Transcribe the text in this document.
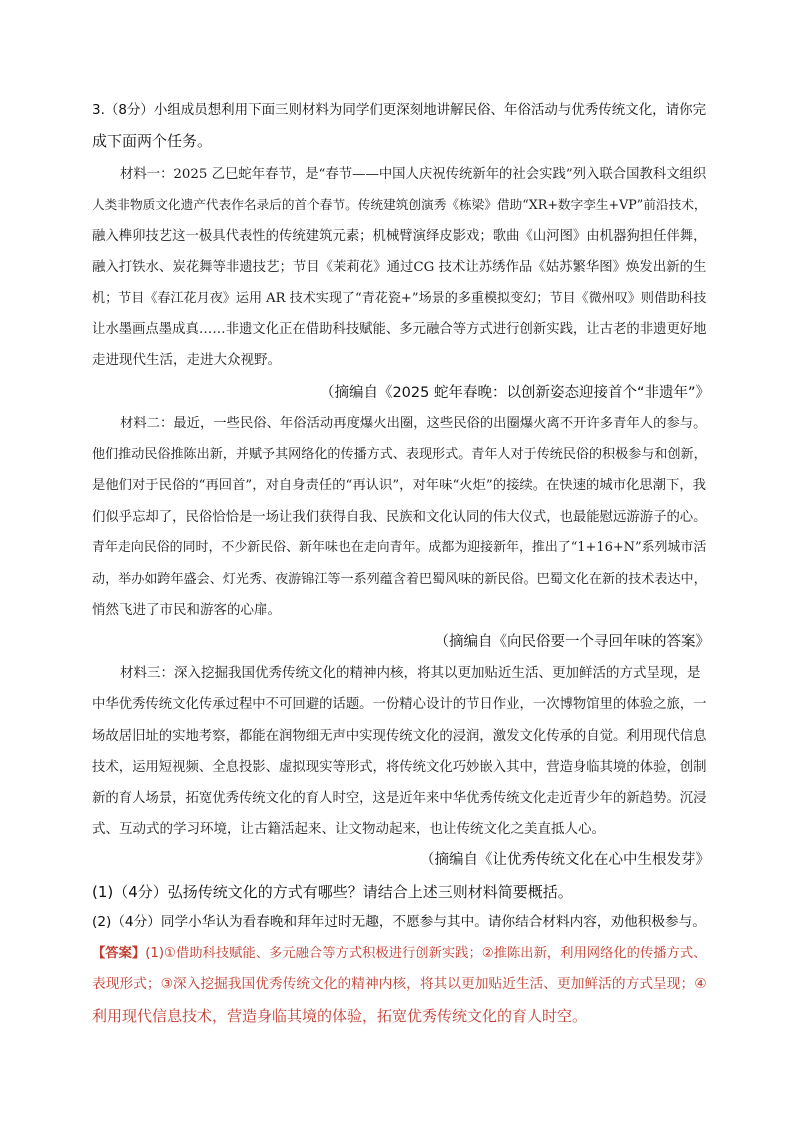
3.（8分）小组成员想利用下面三则材料为同学们更深刻地讲解民俗、年俗活动与优秀传统文化，请你完
成下面两个任务。
材料一：2025 乙巳蛇年春节，是“春节——中国人庆祝传统新年的社会实践”列入联合国教科文组织
人类非物质文化遗产代表作名录后的首个春节。传统建筑创演秀《栋梁》借助“XR+数字孪生+VP”前沿技术，
融入榫卯技艺这一极具代表性的传统建筑元素；机械臂演绎皮影戏；歌曲《山河图》由机器狗担任伴舞，
融入打铁水、炭花舞等非遗技艺；节目《茉莉花》通过CG 技术让苏绣作品《姑苏繁华图》焕发出新的生
机；节目《春江花月夜》运用 AR 技术实现了“青花瓷+”场景的多重模拟变幻；节目《微州叹》则借助科技
让水墨画点墨成真……非遗文化正在借助科技赋能、多元融合等方式进行创新实践，让古老的非遗更好地
走进现代生活，走进大众视野。
（摘编自《2025 蛇年春晚：以创新姿态迎接首个“非遗年”》
材料二：最近，一些民俗、年俗活动再度爆火出圈，这些民俗的出圈爆火离不开许多青年人的参与。
他们推动民俗推陈出新，并赋予其网络化的传播方式、表现形式。青年人对于传统民俗的积极参与和创新，
是他们对于民俗的“再回首”，对自身责任的“再认识”，对年味“火炬”的接续。在快速的城市化思潮下，我
们似乎忘却了，民俗恰恰是一场让我们获得自我、民族和文化认同的伟大仪式，也最能慰远游游子的心。
青年走向民俗的同时，不少新民俗、新年味也在走向青年。成都为迎接新年，推出了“1+16+N”系列城市活
动，举办如跨年盛会、灯光秀、夜游锦江等一系列蕴含着巴蜀风味的新民俗。巴蜀文化在新的技术表达中，
悄然飞进了市民和游客的心扉。
（摘编自《向民俗要一个寻回年味的答案》
材料三：深入挖掘我国优秀传统文化的精神内核，将其以更加贴近生活、更加鲜活的方式呈现，是
中华优秀传统文化传承过程中不可回避的话题。一份精心设计的节日作业，一次博物馆里的体验之旅，一
场故居旧址的实地考察，都能在润物细无声中实现传统文化的浸润，激发文化传承的自觉。利用现代信息
技术，运用短视频、全息投影、虚拟现实等形式，将传统文化巧妙嵌入其中，营造身临其境的体验，创制
新的育人场景，拓宽优秀传统文化的育人时空，这是近年来中华优秀传统文化走近青少年的新趋势。沉浸
式、互动式的学习环境，让古籍活起来、让文物动起来，也让传统文化之美直抵人心。
（摘编自《让优秀传统文化在心中生根发芽》
(1)（4分）弘扬传统文化的方式有哪些？请结合上述三则材料简要概括。
(2)（4分）同学小华认为看春晚和拜年过时无趣，不愿参与其中。请你结合材料内容，劝他积极参与。
【答案】(1)①借助科技赋能、多元融合等方式积极进行创新实践；②推陈出新，利用网络化的传播方式、
表现形式；③深入挖掘我国优秀传统文化的精神内核，将其以更加贴近生活、更加鲜活的方式呈现；④
利用现代信息技术，营造身临其境的体验，拓宽优秀传统文化的育人时空。
